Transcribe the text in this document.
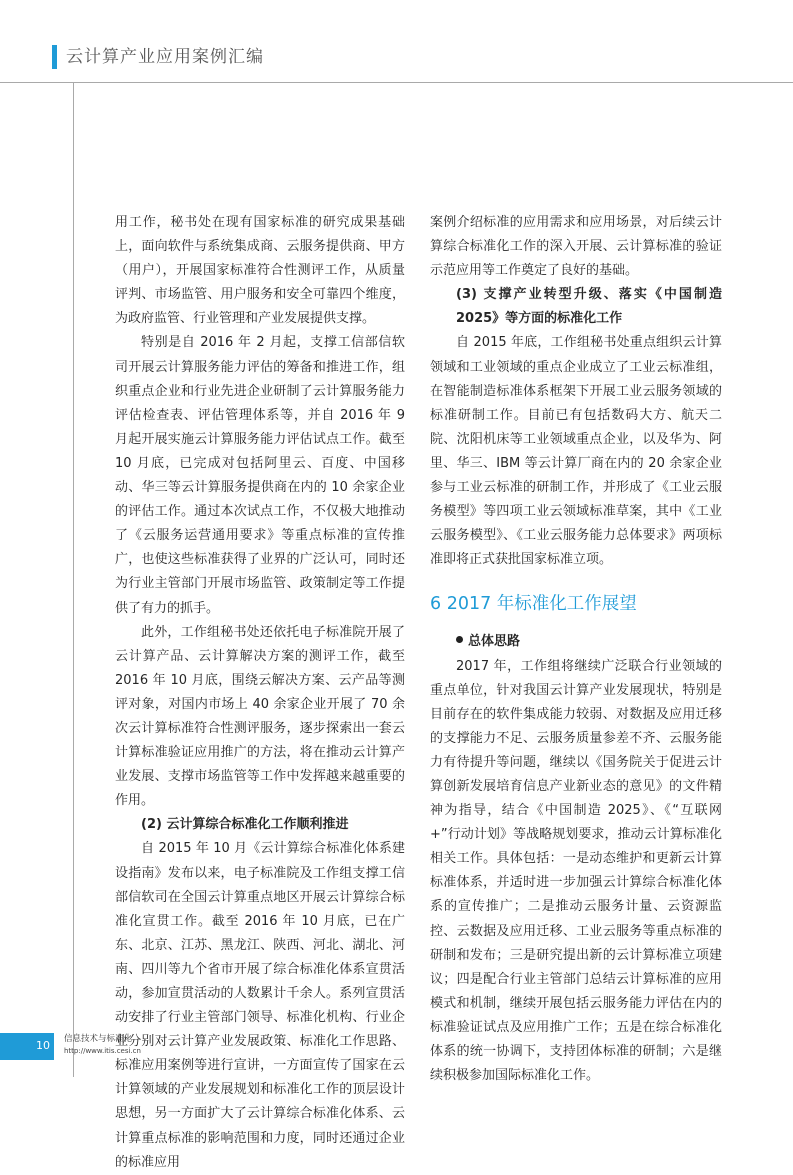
云计算产业应用案例汇编

用工作，秘书处在现有国家标准的研究成果基础上，面向软件与系统集成商、云服务提供商、甲方（用户），开展国家标准符合性测评工作，从质量评判、市场监管、用户服务和安全可靠四个维度，为政府监管、行业管理和产业发展提供支撑。

特别是自 2016 年 2 月起，支撑工信部信软司开展云计算服务能力评估的筹备和推进工作，组织重点企业和行业先进企业研制了云计算服务能力评估检查表、评估管理体系等，并自 2016 年 9 月起开展实施云计算服务能力评估试点工作。截至 10 月底，已完成对包括阿里云、百度、中国移动、华三等云计算服务提供商在内的 10 余家企业的评估工作。通过本次试点工作，不仅极大地推动了《云服务运营通用要求》等重点标准的宣传推广，也使这些标准获得了业界的广泛认可，同时还为行业主管部门开展市场监管、政策制定等工作提供了有力的抓手。

此外，工作组秘书处还依托电子标准院开展了云计算产品、云计算解决方案的测评工作，截至 2016 年 10 月底，围绕云解决方案、云产品等测评对象，对国内市场上 40 余家企业开展了 70 余次云计算标准符合性测评服务，逐步探索出一套云计算标准验证应用推广的方法，将在推动云计算产业发展、支撑市场监管等工作中发挥越来越重要的作用。

(2) 云计算综合标准化工作顺利推进

自 2015 年 10 月《云计算综合标准化体系建设指南》发布以来，电子标准院及工作组支撑工信部信软司在全国云计算重点地区开展云计算综合标准化宣贯工作。截至 2016 年 10 月底，已在广东、北京、江苏、黑龙江、陕西、河北、湖北、河南、四川等九个省市开展了综合标准化体系宣贯活动，参加宣贯活动的人数累计千余人。系列宣贯活动安排了行业主管部门领导、标准化机构、行业企业分别对云计算产业发展政策、标准化工作思路、标准应用案例等进行宣讲，一方面宣传了国家在云计算领域的产业发展规划和标准化工作的顶层设计思想，另一方面扩大了云计算综合标准化体系、云计算重点标准的影响范围和力度，同时还通过企业的标准应用

案例介绍标准的应用需求和应用场景，对后续云计算综合标准化工作的深入开展、云计算标准的验证示范应用等工作奠定了良好的基础。

(3) 支撑产业转型升级、落实《中国制造 2025》等方面的标准化工作

自 2015 年底，工作组秘书处重点组织云计算领域和工业领域的重点企业成立了工业云标准组，在智能制造标准体系框架下开展工业云服务领域的标准研制工作。目前已有包括数码大方、航天二院、沈阳机床等工业领域重点企业，以及华为、阿里、华三、IBM 等云计算厂商在内的 20 余家企业参与工业云标准的研制工作，并形成了《工业云服务模型》等四项工业云领域标准草案，其中《工业云服务模型》、《工业云服务能力总体要求》两项标准即将正式获批国家标准立项。

6 2017 年标准化工作展望

总体思路

2017 年，工作组将继续广泛联合行业领域的重点单位，针对我国云计算产业发展现状，特别是目前存在的软件集成能力较弱、对数据及应用迁移的支撑能力不足、云服务质量参差不齐、云服务能力有待提升等问题，继续以《国务院关于促进云计算创新发展培育信息产业新业态的意见》的文件精神为指导，结合《中国制造 2025》、《“互联网 +”行动计划》等战略规划要求，推动云计算标准化相关工作。具体包括：一是动态维护和更新云计算标准体系，并适时进一步加强云计算综合标准化体系的宣传推广；二是推动云服务计量、云资源监控、云数据及应用迁移、工业云服务等重点标准的研制和发布；三是研究提出新的云计算标准立项建议；四是配合行业主管部门总结云计算标准的应用模式和机制，继续开展包括云服务能力评估在内的标准验证试点及应用推广工作；五是在综合标准化体系的统一协调下，支持团体标准的研制；六是继续积极参加国际标准化工作。

10 信息技术与标准化
http://www.itis.cesi.cn
